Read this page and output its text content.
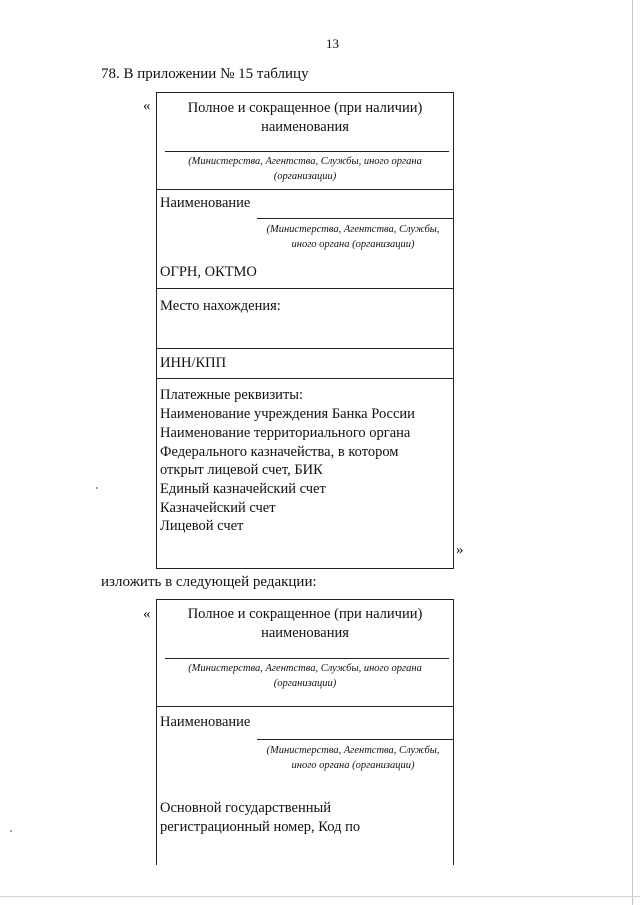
13
78. В приложении № 15 таблицу
«	Полное и сокращенное (при наличии)
наименования
(Министерства, Агентства, Службы, иного органа
(организации)
Наименование
(Министерства, Агентства, Службы,
иного органа (организации)
ОГРН, ОКТМО
Место нахождения:
ИНН/КПП
Платежные реквизиты:
Наименование учреждения Банка России
Наименование территориального органа
Федерального казначейства, в котором
открыт лицевой счет, БИК
Единый казначейский счет
Казначейский счет
Лицевой счет
»
изложить в следующей редакции:
«	Полное и сокращенное (при наличии)
наименования
(Министерства, Агентства, Службы, иного органа
(организации)
Наименование
(Министерства, Агентства, Службы,
иного органа (организации)
Основной государственный
регистрационный номер, Код по
